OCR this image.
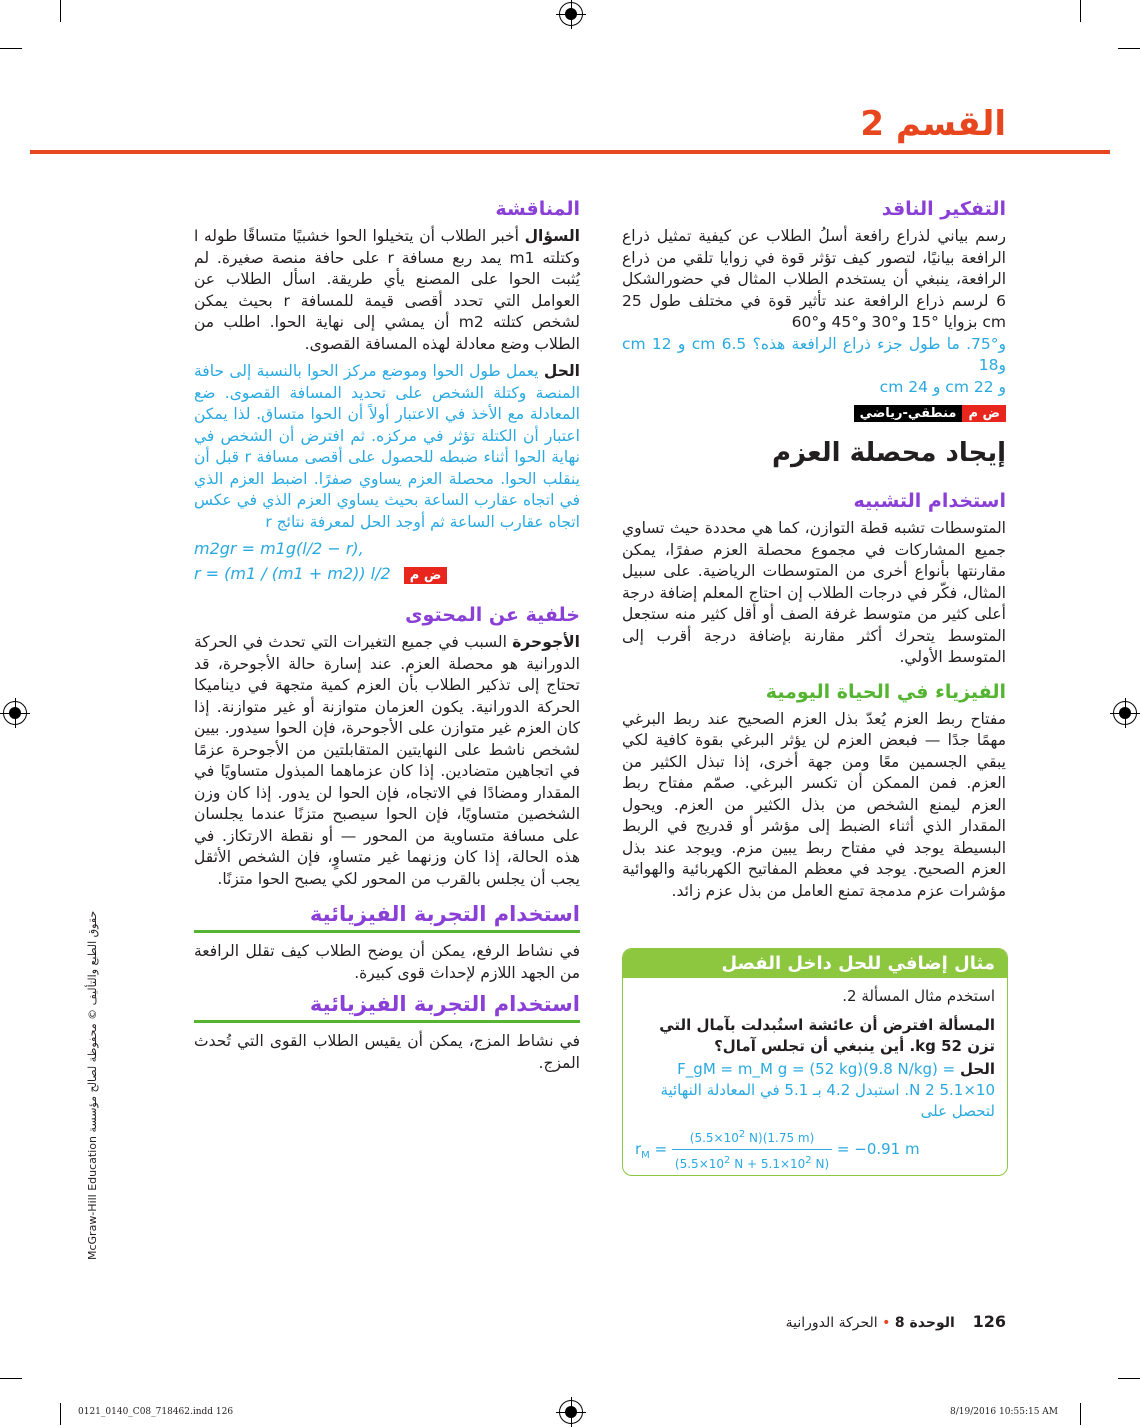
القسم 2
التفكير الناقد
رسم بياني لذراع رافعة أسلُ الطلاب عن كيفية تمثيل ذراع الرافعة بيانيًا، لتصور كيف تؤثر قوة في زوايا تلقي من ذراع الرافعة، ينبغي أن يستخدم الطلاب المثال في حضورالشكل 6 لرسم ذراع الرافعة عند تأثير قوة في مختلف طول 25 cm بزوايا °15 و°30 و°45 و°60
و°75. ما طول جزء ذراع الرافعة هذه؟ cm 6.5 و cm 12 و18
و cm 22 و cm 24
ض ممنطقي-رياضي
إيجاد محصلة العزم
استخدام التشبيه
المتوسطات تشبه قطة التوازن، كما هي محددة حيث تساوي جميع المشاركات في مجموع محصلة العزم صفرًا، يمكن مقارنتها بأنواع أخرى من المتوسطات الرياضية. على سبيل المثال، فكّر في درجات الطلاب إن احتاج المعلم إضافة درجة أعلى كثير من متوسط غرفة الصف أو أقل كثير منه ستجعل المتوسط يتحرك أكثر مقارنة بإضافة درجة أقرب إلى المتوسط الأولي.
الفيزياء في الحياة اليومية
مفتاح ربط العزم يُعدّ بذل العزم الصحيح عند ربط البرغي مهمًا جدًا — فبعض العزم لن يؤثر البرغي بقوة كافية لكي يبقي الجسمين معًا ومن جهة أخرى، إذا تبذل الكثير من العزم. فمن الممكن أن تكسر البرغي. صمّم مفتاح ربط العزم ليمنع الشخص من بذل الكثير من العزم. ويحول المقدار الذي أثناء الضبط إلى مؤشر أو قدريج في الربط البسيطة يوجد في مفتاح ربط يبين مزم. ويوجد عند بذل العزم الصحيح. يوجد في معظم المفاتيح الكهربائية والهوائية مؤشرات عزم مدمجة تمنع العامل من بذل عزم زائد.
مثال إضافي للحل داخل الفصل
استخدم مثال المسألة 2.
المسألة افترض أن عائشة استُبدلت بآمال التي تزن 52 kg. أين ينبغي أن تجلس آمال؟
الحل F_gM = m_M g = (52 kg)(9.8 N/kg) =
10×5.1 2 N. استبدل 4.2 بـ 5.1 في المعادلة النهائية لتحصل على
$r_M = \frac{(5.5\times 10^2 N)(1.75 m)}{(5.5\times 10^2 N + 5.1\times 10^2 N)} = -0.91$ m
المناقشة
السؤال أخبر الطلاب أن يتخيلوا الحوا خشبيًا متساقًا طوله l وكتلته m1 يمد ربع مسافة r على حافة منصة صغيرة. لم يُثبت الحوا على المصنع يأي طريقة. اسأل الطلاب عن العوامل التي تحدد أقصى قيمة للمسافة r بحيث يمكن لشخص كتلته m2 أن يمشي إلى نهاية الحوا. اطلب من الطلاب وضع معادلة لهذه المسافة القصوى.
الحل يعمل طول الحوا وموضع مركز الحوا بالنسبة إلى حافة المنصة وكتلة الشخص على تحديد المسافة القصوى. ضع المعادلة مع الأخذ في الاعتبار أولاً أن الحوا متساق. لذا يمكن اعتبار أن الكتلة تؤثر في مركزه. ثم افترض أن الشخص في نهاية الحوا أثناء ضبطه للحصول على أقصى مسافة r قبل أن ينقلب الحوا. محصلة العزم يساوي صفرًا. اضبط العزم الذي في اتجاه عقارب الساعة بحيث يساوي العزم الذي في عكس اتجاه عقارب الساعة ثم أوجد الحل لمعرفة نتائج r
m2gr = m1g(l/2 − r),
r = (m1 / (m1 + m2)) l/2 ض م
خلفية عن المحتوى
الأجوحرة السبب في جميع التغيرات التي تحدث في الحركة الدورانية هو محصلة العزم. عند إسارة حالة الأجوحرة، قد تحتاج إلى تذكير الطلاب بأن العزم كمية متجهة في ديناميكا الحركة الدورانية. يكون العزمان متوازنة أو غير متوازنة. إذا كان العزم غير متوازن على الأجوحرة، فإن الحوا سيدور. بيين لشخص ناشط على النهايتين المتقابلتين من الأجوحرة عزمًا في اتجاهين متضادين. إذا كان عزماهما المبذول متساويًا في المقدار ومضادًا في الاتجاه، فإن الحوا لن يدور. إذا كان وزن الشخصين متساويًا، فإن الحوا سيصبح متزنًا عندما يجلسان على مسافة متساوية من المحور — أو نقطة الارتكاز. في هذه الحالة، إذا كان وزنهما غير متساوٍ، فإن الشخص الأثقل يجب أن يجلس بالقرب من المحور لكي يصبح الحوا متزنًا.
استخدام التجربة الفيزيائية
في نشاط الرفع، يمكن أن يوضح الطلاب كيف تقلل الرافعة من الجهد اللازم لإحداث قوى كبيرة.
استخدام التجربة الفيزيائية
في نشاط المزج، يمكن أن يقيس الطلاب القوى التي تُحدث المزج.
McGraw-Hill Education حقوق الطبع والتأليف © محفوظة لصالح مؤسسة
126    الوحدة 8 • الحركة الدورانية
0121_0140_C08_718462.indd 126	8/19/2016 10:55:15 AM
